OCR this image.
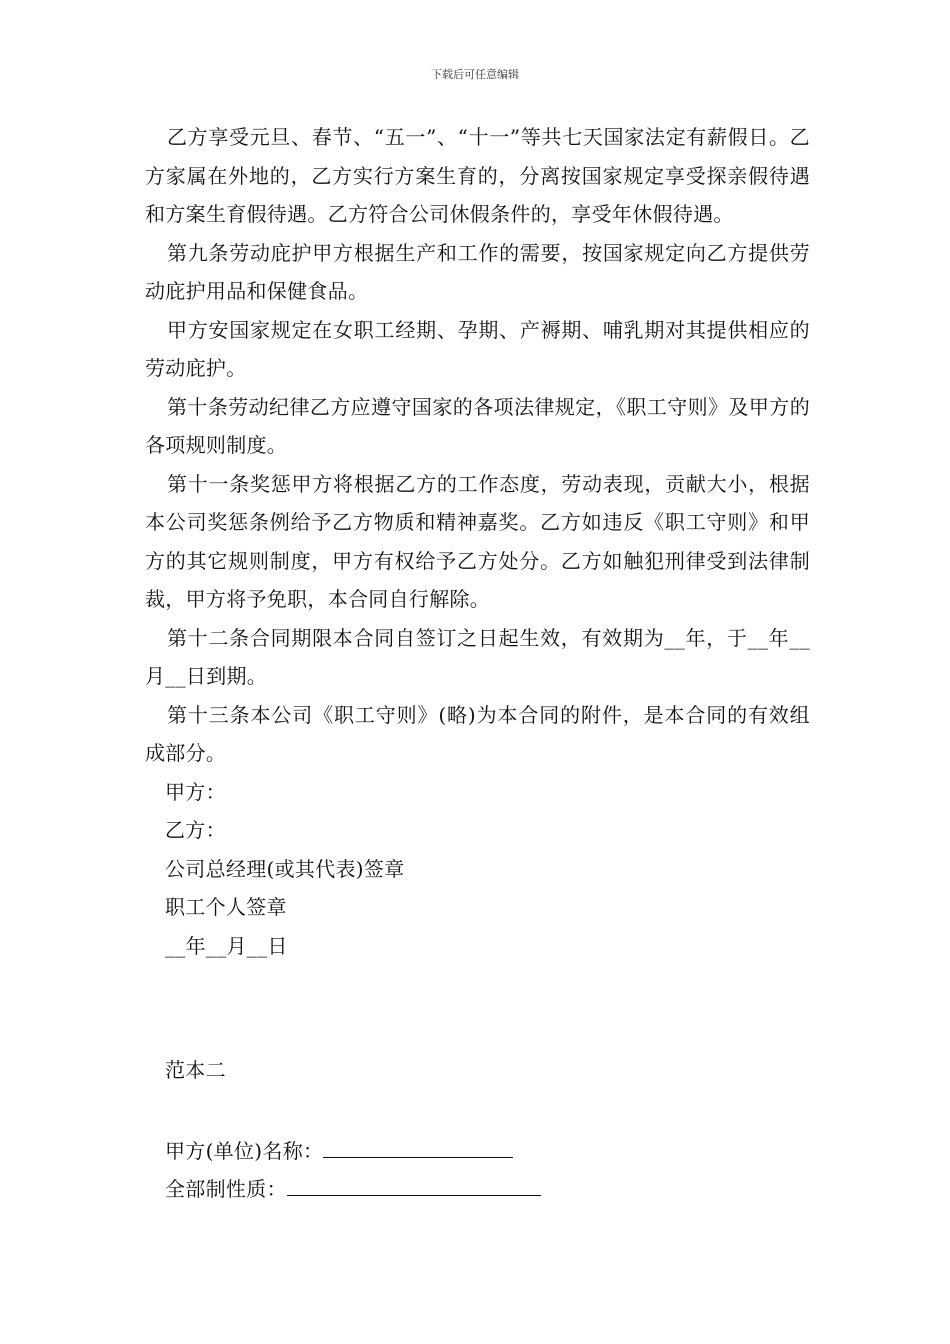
下载后可任意编辑

乙方享受元旦、春节、“五一”、“十一”等共七天国家法定有薪假日。乙方家属在外地的，乙方实行方案生育的，分离按国家规定享受探亲假待遇和方案生育假待遇。乙方符合公司休假条件的，享受年休假待遇。

第九条劳动庇护甲方根据生产和工作的需要，按国家规定向乙方提供劳动庇护用品和保健食品。

甲方安国家规定在女职工经期、孕期、产褥期、哺乳期对其提供相应的劳动庇护。

第十条劳动纪律乙方应遵守国家的各项法律规定，《职工守则》及甲方的各项规则制度。

第十一条奖惩甲方将根据乙方的工作态度，劳动表现，贡献大小，根据本公司奖惩条例给予乙方物质和精神嘉奖。乙方如违反《职工守则》和甲方的其它规则制度，甲方有权给予乙方处分。乙方如触犯刑律受到法律制裁，甲方将予免职，本合同自行解除。

第十二条合同期限本合同自签订之日起生效，有效期为__年，于__年__月__日到期。

第十三条本公司《职工守则》(略)为本合同的附件，是本合同的有效组成部分。

甲方：

乙方：

公司总经理(或其代表)签章

职工个人签章

__年__月__日

范本二

甲方(单位)名称：

全部制性质：
